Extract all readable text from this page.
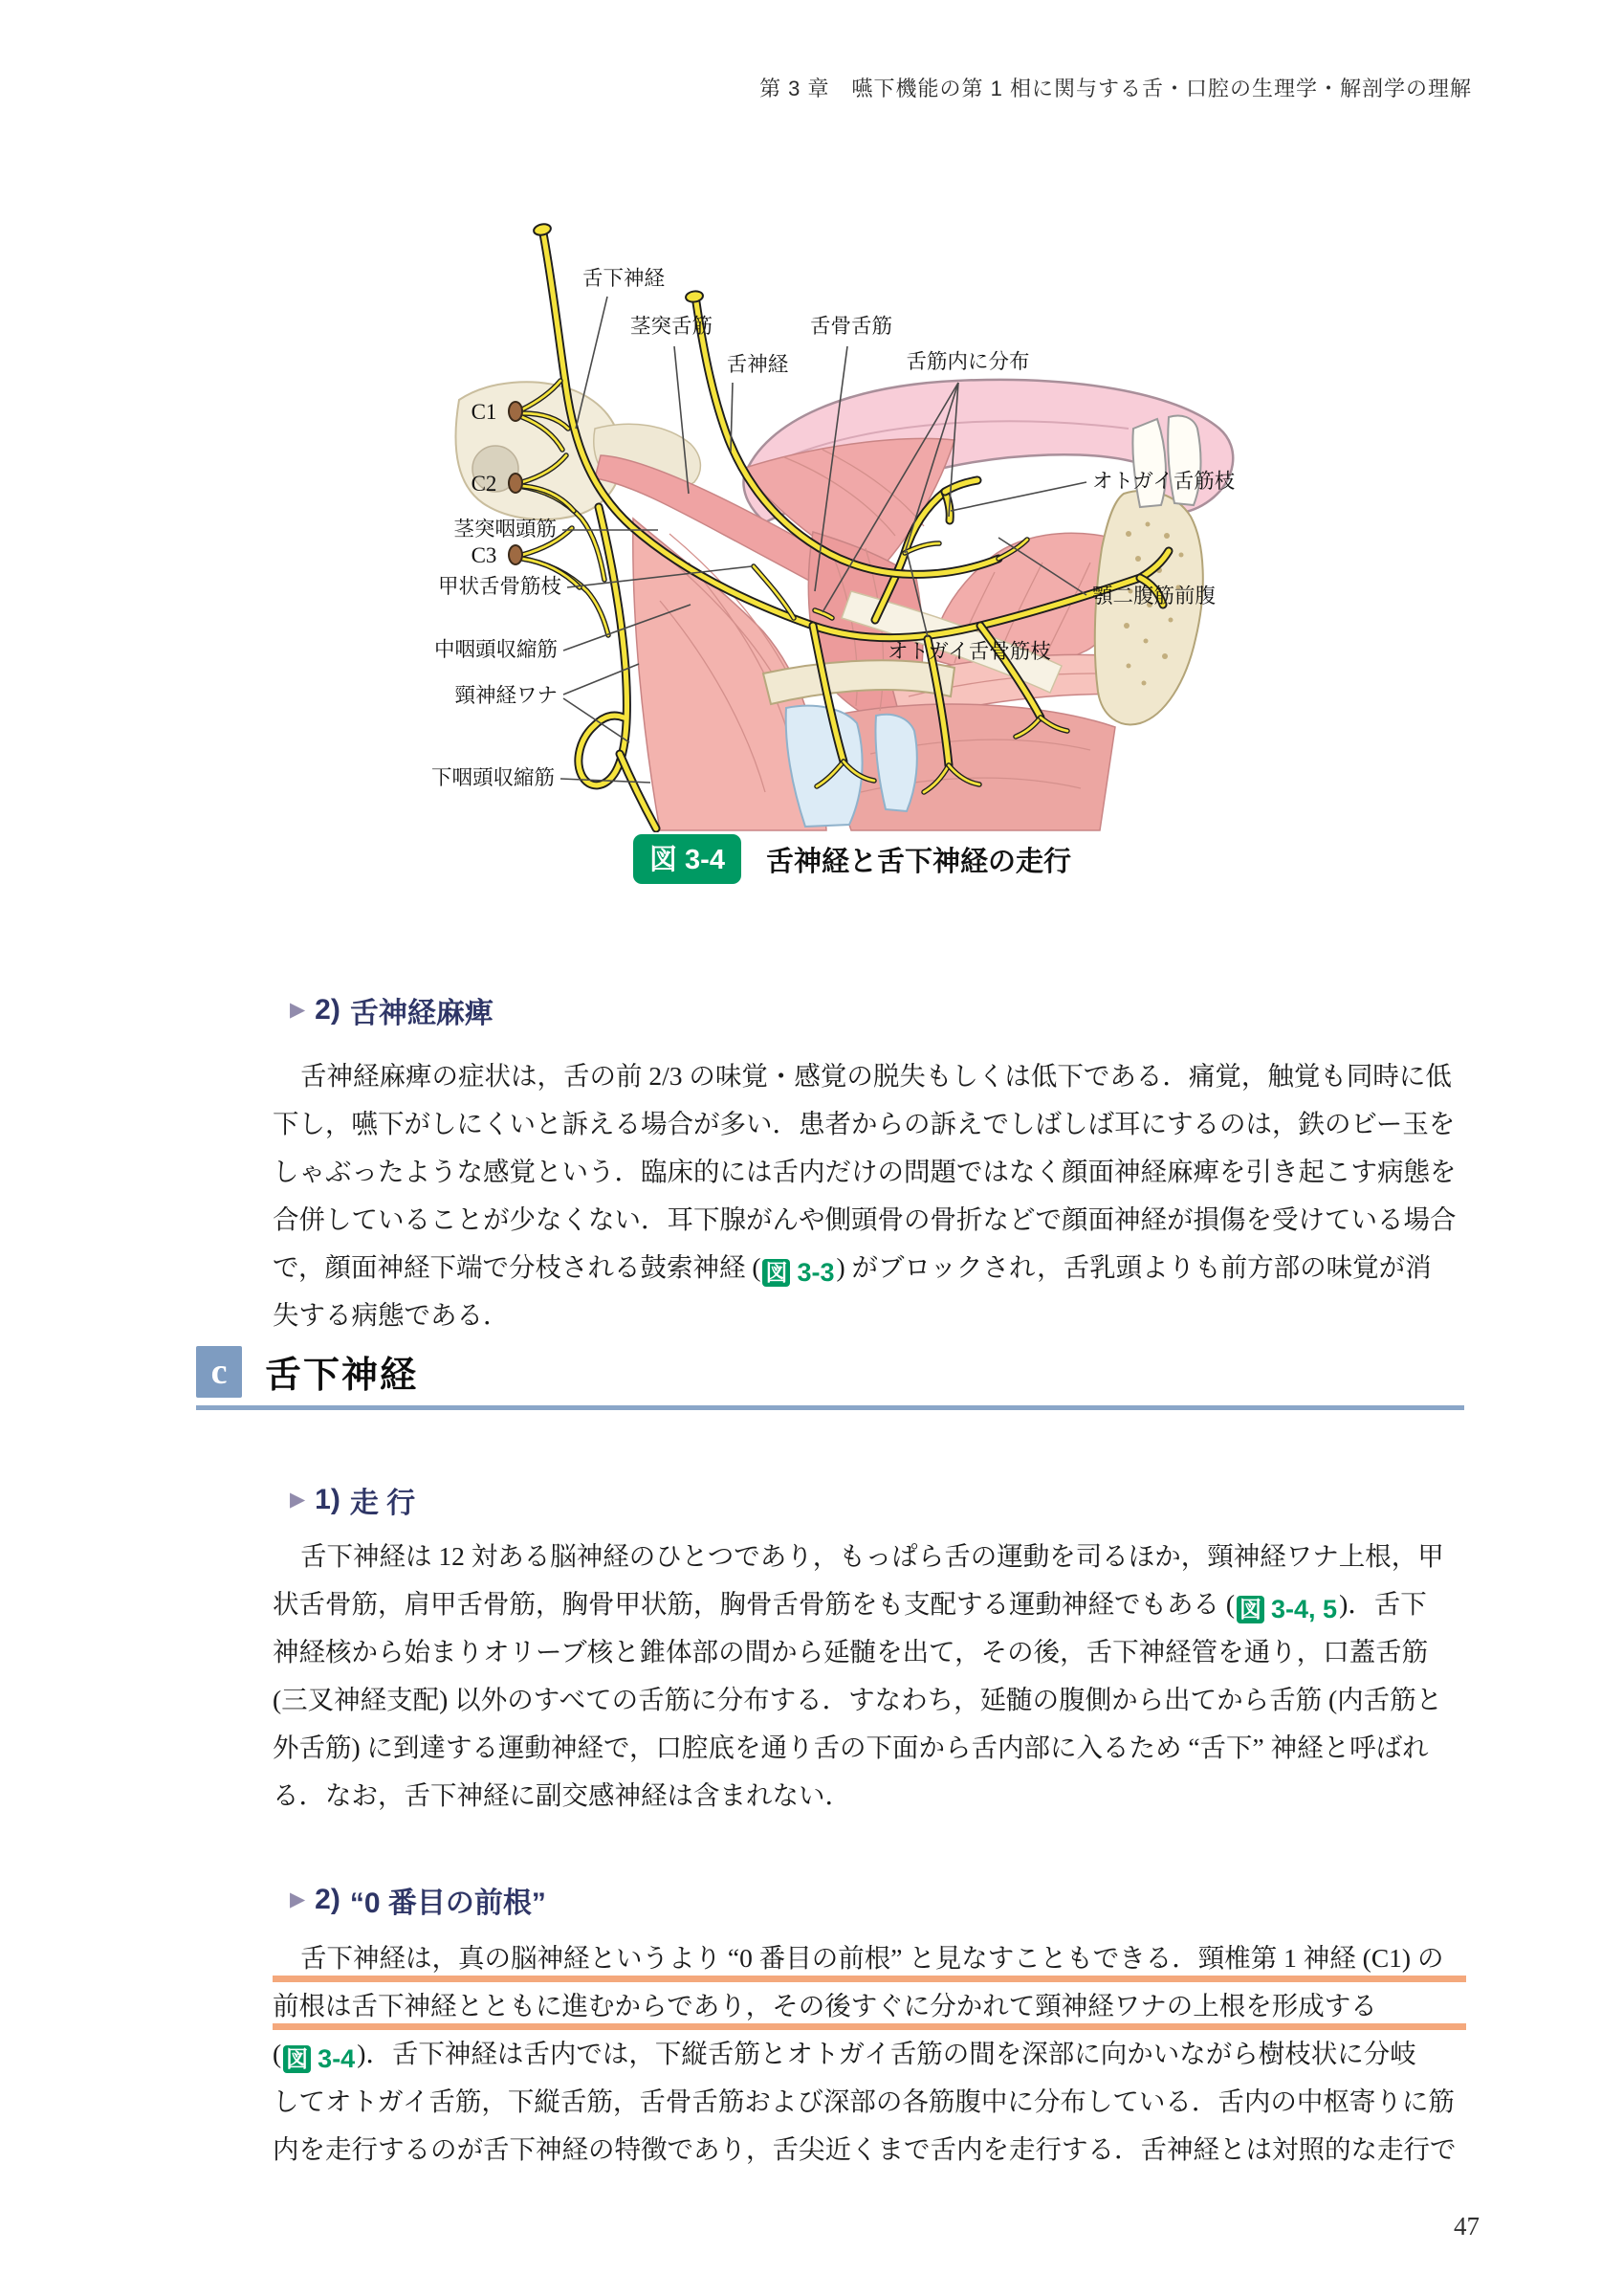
第 3 章　嚥下機能の第 1 相に関与する舌・口腔の生理学・解剖学の理解
舌下神経
茎突舌筋
舌神経
舌骨舌筋
舌筋内に分布
C1
C2
C3
茎突咽頭筋
甲状舌骨筋枝
中咽頭収縮筋
頸神経ワナ
下咽頭収縮筋
オトガイ舌筋枝
顎二腹筋前腹
オトガイ舌骨筋枝
図 3-4	舌神経と舌下神経の走行
▶ 2) 舌神経麻痺
舌神経麻痺の症状は，舌の前 2/3 の味覚・感覚の脱失もしくは低下である．痛覚，触覚も同時に低
下し，嚥下がしにくいと訴える場合が多い．患者からの訴えでしばしば耳にするのは，鉄のビー玉を
しゃぶったような感覚という．臨床的には舌内だけの問題ではなく顔面神経麻痺を引き起こす病態を
合併していることが少なくない．耳下腺がんや側頭骨の骨折などで顔面神経が損傷を受けている場合
で，顔面神経下端で分枝される鼓索神経 ( 図 3-3 ) がブロックされ，舌乳頭よりも前方部の味覚が消
失する病態である．
c	舌下神経
▶ 1) 走 行
舌下神経は 12 対ある脳神経のひとつであり，もっぱら舌の運動を司るほか，頸神経ワナ上根，甲
状舌骨筋，肩甲舌骨筋，胸骨甲状筋，胸骨舌骨筋をも支配する運動神経でもある ( 図 3-4, 5 )．舌下
神経核から始まりオリーブ核と錐体部の間から延髄を出て，その後，舌下神経管を通り，口蓋舌筋
(三叉神経支配) 以外のすべての舌筋に分布する．すなわち，延髄の腹側から出てから舌筋 (内舌筋と
外舌筋) に到達する運動神経で，口腔底を通り舌の下面から舌内部に入るため “舌下” 神経と呼ばれ
る．なお，舌下神経に副交感神経は含まれない．
▶ 2) “0 番目の前根”
舌下神経は，真の脳神経というより “0 番目の前根” と見なすこともできる．頸椎第 1 神経 (C1) の
前根は舌下神経とともに進むからであり，その後すぐに分かれて頸神経ワナの上根を形成する
( 図 3-4 )．舌下神経は舌内では，下縦舌筋とオトガイ舌筋の間を深部に向かいながら樹枝状に分岐
してオトガイ舌筋，下縦舌筋，舌骨舌筋および深部の各筋腹中に分布している．舌内の中枢寄りに筋
内を走行するのが舌下神経の特徴であり，舌尖近くまで舌内を走行する．舌神経とは対照的な走行で
47
